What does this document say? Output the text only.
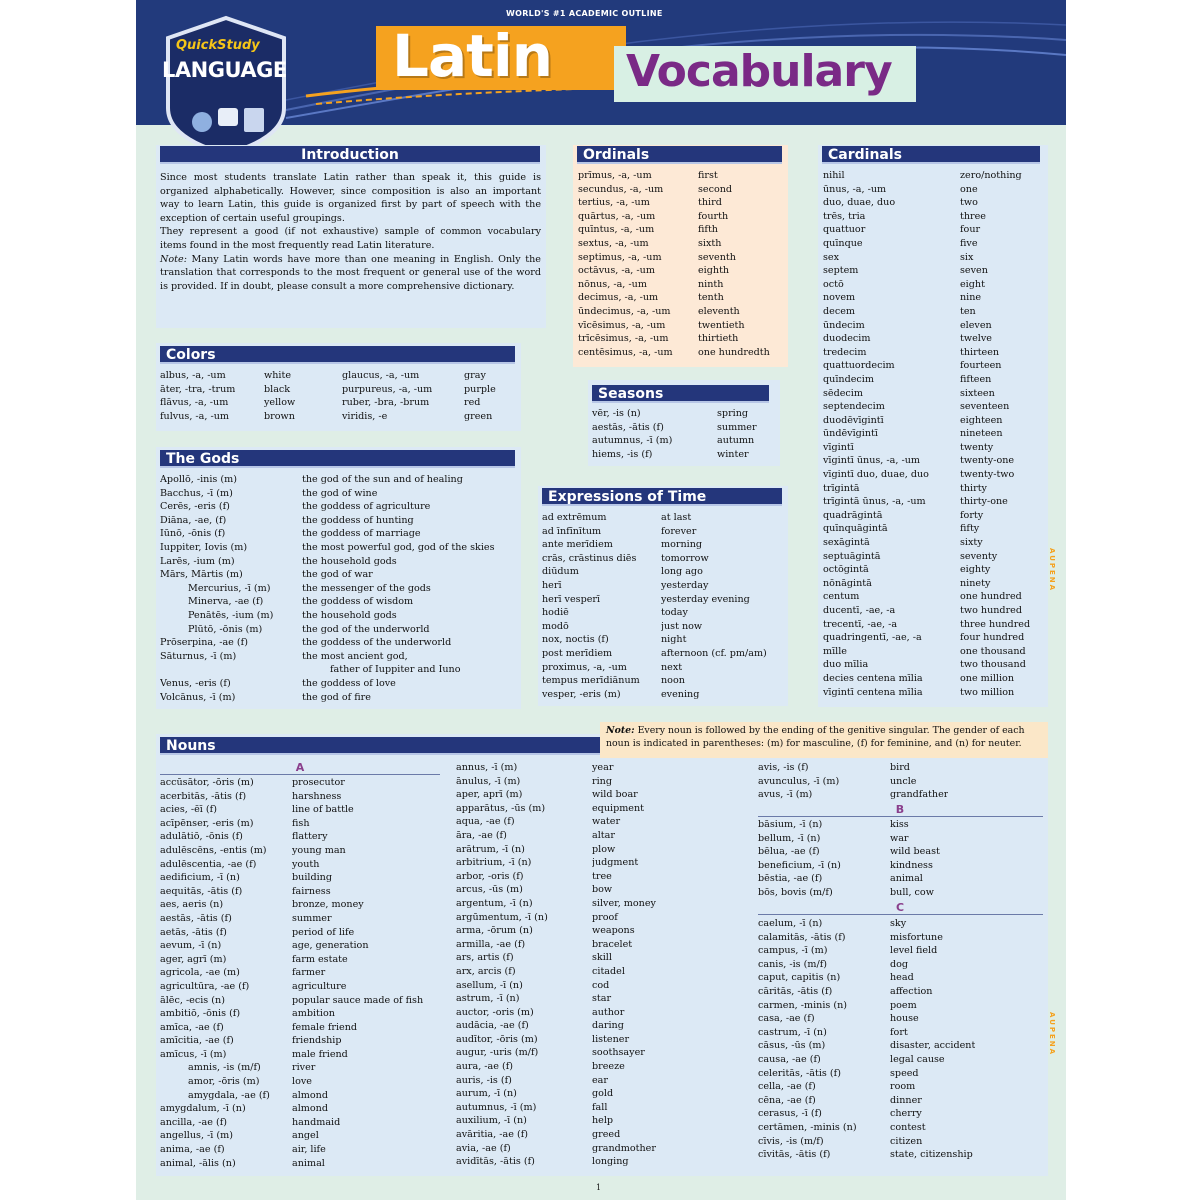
WORLD'S #1 ACADEMIC OUTLINE
Latin Vocabulary
QuickStudy
LANGUAGE
AUPENA
AUPENA
Introduction

Since most students translate Latin rather than speak it, this guide is organized alphabetically. However, since composition is also an important way to learn Latin, this guide is organized first by part of speech with the exception of certain useful groupings.

They represent a good (if not exhaustive) sample of common vocabulary items found in the most frequently read Latin literature.

Note: Many Latin words have more than one meaning in English. Only the translation that corresponds to the most frequent or general use of the word is provided. If in doubt, please consult a more comprehensive dictionary.

Colors
albus, -a, -um
āter, -tra, -trum
flāvus, -a, -um
fulvus, -a, -um
white
black
yellow
brown
glaucus, -a, -um
purpureus, -a, -um
ruber, -bra, -brum
viridis, -e
gray
purple
red
green
The Gods
Apollō, -inis (m)
Bacchus, -ī (m)
Cerēs, -eris (f)
Diāna, -ae, (f)
Iūnō, -ōnis (f)
Iuppiter, Iovis (m)
Larēs, -ium (m)
Mārs, Mārtis (m)
Mercurius, -ī (m)
Minerva, -ae (f)
Penātēs, -ium (m)
Plūtō, -ōnis (m)
Prōserpina, -ae (f)
Sāturnus, -ī (m)
Venus, -eris (f)
Volcānus, -ī (m)
the god of the sun and of healing
the god of wine
the goddess of agriculture
the goddess of hunting
the goddess of marriage
the most powerful god, god of the skies
the household gods
the god of war
the messenger of the gods
the goddess of wisdom
the household gods
the god of the underworld
the goddess of the underworld
the most ancient god,
father of Iuppiter and Iuno
the goddess of love
the god of fire
Ordinals
prīmus, -a, -um
secundus, -a, -um
tertius, -a, -um
quārtus, -a, -um
quīntus, -a, -um
sextus, -a, -um
septimus, -a, -um
octāvus, -a, -um
nōnus, -a, -um
decimus, -a, -um
ūndecimus, -a, -um
vīcēsimus, -a, -um
trīcēsimus, -a, -um
centēsimus, -a, -um
first
second
third
fourth
fifth
sixth
seventh
eighth
ninth
tenth
eleventh
twentieth
thirtieth
one hundredth
Seasons
vēr, -is (n)
aestās, -ātis (f)
autumnus, -ī (m)
hiems, -is (f)
spring
summer
autumn
winter
Expressions of Time
ad extrēmum
ad īnfīnītum
ante merīdiem
crās, crāstinus diēs
diūdum
herī
herī vesperī
hodiē
modō
nox, noctis (f)
post merīdiem
proximus, -a, -um
tempus merīdiānum
vesper, -eris (m)
at last
forever
morning
tomorrow
long ago
yesterday
yesterday evening
today
just now
night
afternoon (cf. pm/am)
next
noon
evening
Cardinals
nihil
ūnus, -a, -um
duo, duae, duo
trēs, tria
quattuor
quīnque
sex
septem
octō
novem
decem
ūndecim
duodecim
tredecim
quattuordecim
quīndecim
sēdecim
septendecim
duodēvīgintī
ūndēvīgintī
vīgintī
vīgintī ūnus, -a, -um
vīgintī duo, duae, duo
trīgintā
trīgintā ūnus, -a, -um
quadrāgintā
quīnquāgintā
sexāgintā
septuāgintā
octōgintā
nōnāgintā
centum
ducentī, -ae, -a
trecentī, -ae, -a
quadringentī, -ae, -a
mīlle
duo mīlia
decies centena mīlia
vīgintī centena mīlia
zero/nothing
one
two
three
four
five
six
seven
eight
nine
ten
eleven
twelve
thirteen
fourteen
fifteen
sixteen
seventeen
eighteen
nineteen
twenty
twenty-one
twenty-two
thirty
thirty-one
forty
fifty
sixty
seventy
eighty
ninety
one hundred
two hundred
three hundred
four hundred
one thousand
two thousand
one million
two million
Nouns
Note: Every noun is followed by the ending of the genitive singular. The gender of each noun is indicated in parentheses: (m) for masculine, (f) for feminine, and (n) for neuter.
A
accūsātor, -ōris (m)
acerbitās, -ātis (f)
acies, -ēī (f)
acīpēnser, -eris (m)
adulātiō, -ōnis (f)
adulēscēns, -entis (m)
adulēscentia, -ae (f)
aedificium, -ī (n)
aequitās, -ātis (f)
aes, aeris (n)
aestās, -ātis (f)
aetās, -ātis (f)
aevum, -ī (n)
ager, agrī (m)
agricola, -ae (m)
agricultūra, -ae (f)
ālēc, -ecis (n)
ambitiō, -ōnis (f)
amīca, -ae (f)
amīcitia, -ae (f)
amīcus, -ī (m)
amnis, -is (m/f)
amor, -ōris (m)
amygdala, -ae (f)
amygdalum, -ī (n)
ancilla, -ae (f)
angellus, -ī (m)
anima, -ae (f)
animal, -ālis (n)
prosecutor
harshness
line of battle
fish
flattery
young man
youth
building
fairness
bronze, money
summer
period of life
age, generation
farm estate
farmer
agriculture
popular sauce made of fish
ambition
female friend
friendship
male friend
river
love
almond
almond
handmaid
angel
air, life
animal
annus, -ī (m)
ānulus, -ī (m)
aper, aprī (m)
apparātus, -ūs (m)
aqua, -ae (f)
āra, -ae (f)
arātrum, -ī (n)
arbitrium, -ī (n)
arbor, -oris (f)
arcus, -ūs (m)
argentum, -ī (n)
argūmentum, -ī (n)
arma, -ōrum (n)
armilla, -ae (f)
ars, artis (f)
arx, arcis (f)
asellum, -ī (n)
astrum, -ī (n)
auctor, -oris (m)
audācia, -ae (f)
audītor, -ōris (m)
augur, -uris (m/f)
aura, -ae (f)
auris, -is (f)
aurum, -ī (n)
autumnus, -ī (m)
auxilium, -ī (n)
avāritia, -ae (f)
avia, -ae (f)
avidītās, -ātis (f)
year
ring
wild boar
equipment
water
altar
plow
judgment
tree
bow
silver, money
proof
weapons
bracelet
skill
citadel
cod
star
author
daring
listener
soothsayer
breeze
ear
gold
fall
help
greed
grandmother
longing
avis, -is (f)
avunculus, -ī (m)
avus, -ī (m)
bird
uncle
grandfather
B
bāsium, -ī (n)
bellum, -ī (n)
bēlua, -ae (f)
beneficium, -ī (n)
bēstia, -ae (f)
bōs, bovis (m/f)
kiss
war
wild beast
kindness
animal
bull, cow
C
caelum, -ī (n)
calamitās, -ātis (f)
campus, -ī (m)
canis, -is (m/f)
caput, capitis (n)
cāritās, -ātis (f)
carmen, -minis (n)
casa, -ae (f)
castrum, -ī (n)
cāsus, -ūs (m)
causa, -ae (f)
celeritās, -ātis (f)
cella, -ae (f)
cēna, -ae (f)
cerasus, -ī (f)
certāmen, -minis (n)
cīvis, -is (m/f)
cīvitās, -ātis (f)
sky
misfortune
level field
dog
head
affection
poem
house
fort
disaster, accident
legal cause
speed
room
dinner
cherry
contest
citizen
state, citizenship
1
